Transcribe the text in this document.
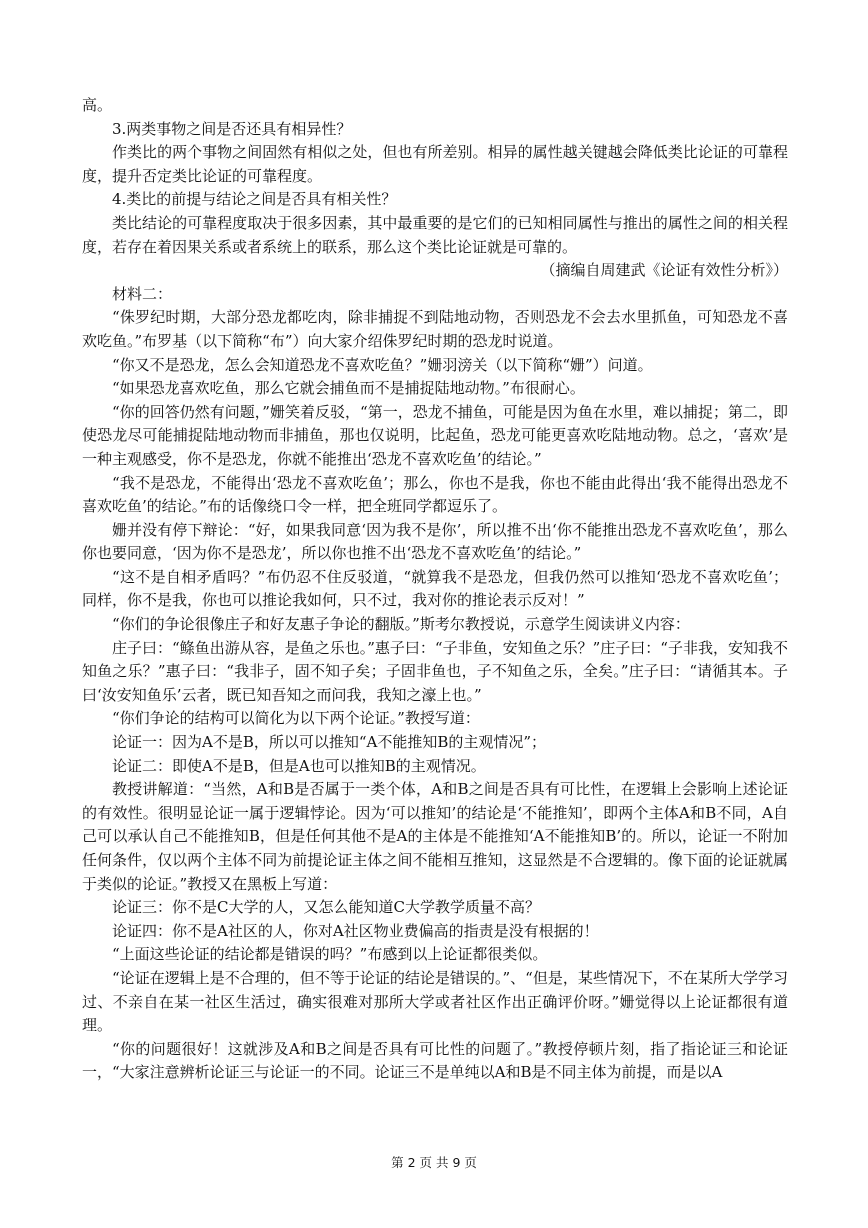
高。

3.两类事物之间是否还具有相异性？

作类比的两个事物之间固然有相似之处，但也有所差别。相异的属性越关键越会降低类比论证的可靠程度，提升否定类比论证的可靠程度。

4.类比的前提与结论之间是否具有相关性？

类比结论的可靠程度取决于很多因素，其中最重要的是它们的已知相同属性与推出的属性之间的相关程度，若存在着因果关系或者系统上的联系，那么这个类比论证就是可靠的。

（摘编自周建武《论证有效性分析》）

材料二：

“侏罗纪时期，大部分恐龙都吃肉，除非捕捉不到陆地动物，否则恐龙不会去水里抓鱼，可知恐龙不喜欢吃鱼。”布罗基（以下简称“布”）向大家介绍侏罗纪时期的恐龙时说道。

“你又不是恐龙，怎么会知道恐龙不喜欢吃鱼？”姗羽滂关（以下简称“姗”）问道。

“如果恐龙喜欢吃鱼，那么它就会捕鱼而不是捕捉陆地动物。”布很耐心。

“你的回答仍然有问题，”姗笑着反驳，“第一，恐龙不捕鱼，可能是因为鱼在水里，难以捕捉；第二，即使恐龙尽可能捕捉陆地动物而非捕鱼，那也仅说明，比起鱼，恐龙可能更喜欢吃陆地动物。总之，‘喜欢’是一种主观感受，你不是恐龙，你就不能推出‘恐龙不喜欢吃鱼’的结论。”

“我不是恐龙，不能得出‘恐龙不喜欢吃鱼’；那么，你也不是我，你也不能由此得出‘我不能得出恐龙不喜欢吃鱼’的结论。”布的话像绕口令一样，把全班同学都逗乐了。

姗并没有停下辩论：“好，如果我同意‘因为我不是你’，所以推不出‘你不能推出恐龙不喜欢吃鱼’，那么你也要同意，‘因为你不是恐龙’，所以你也推不出‘恐龙不喜欢吃鱼’的结论。”

“这不是自相矛盾吗？”布仍忍不住反驳道，“就算我不是恐龙，但我仍然可以推知‘恐龙不喜欢吃鱼’；同样，你不是我，你也可以推论我如何，只不过，我对你的推论表示反对！”

“你们的争论很像庄子和好友惠子争论的翻版。”斯考尔教授说，示意学生阅读讲义内容：

庄子曰：“鲦鱼出游从容，是鱼之乐也。”惠子曰：“子非鱼，安知鱼之乐？”庄子曰：“子非我，安知我不知鱼之乐？”惠子曰：“我非子，固不知子矣；子固非鱼也，子不知鱼之乐，全矣。”庄子曰：“请循其本。子曰‘汝安知鱼乐’云者，既已知吾知之而问我，我知之濠上也。”

“你们争论的结构可以简化为以下两个论证。”教授写道：

论证一：因为A不是B，所以可以推知“A不能推知B的主观情况”；

论证二：即使A不是B，但是A也可以推知B的主观情况。

教授讲解道：“当然，A和B是否属于一类个体，A和B之间是否具有可比性，在逻辑上会影响上述论证的有效性。很明显论证一属于逻辑悖论。因为‘可以推知’的结论是‘不能推知’，即两个主体A和B不同，A自己可以承认自己不能推知B，但是任何其他不是A的主体是不能推知‘A不能推知B’的。所以，论证一不附加任何条件，仅以两个主体不同为前提论证主体之间不能相互推知，这显然是不合逻辑的。像下面的论证就属于类似的论证。”教授又在黑板上写道：

论证三：你不是C大学的人，又怎么能知道C大学教学质量不高？

论证四：你不是A社区的人，你对A社区物业费偏高的指责是没有根据的！

“上面这些论证的结论都是错误的吗？”布感到以上论证都很类似。

“论证在逻辑上是不合理的，但不等于论证的结论是错误的。”、“但是，某些情况下，不在某所大学学习过、不亲自在某一社区生活过，确实很难对那所大学或者社区作出正确评价呀。”姗觉得以上论证都很有道理。

“你的问题很好！这就涉及A和B之间是否具有可比性的问题了。”教授停顿片刻，指了指论证三和论证一，“大家注意辨析论证三与论证一的不同。论证三不是单纯以A和B是不同主体为前提，而是以A

第 2 页 共 9 页
